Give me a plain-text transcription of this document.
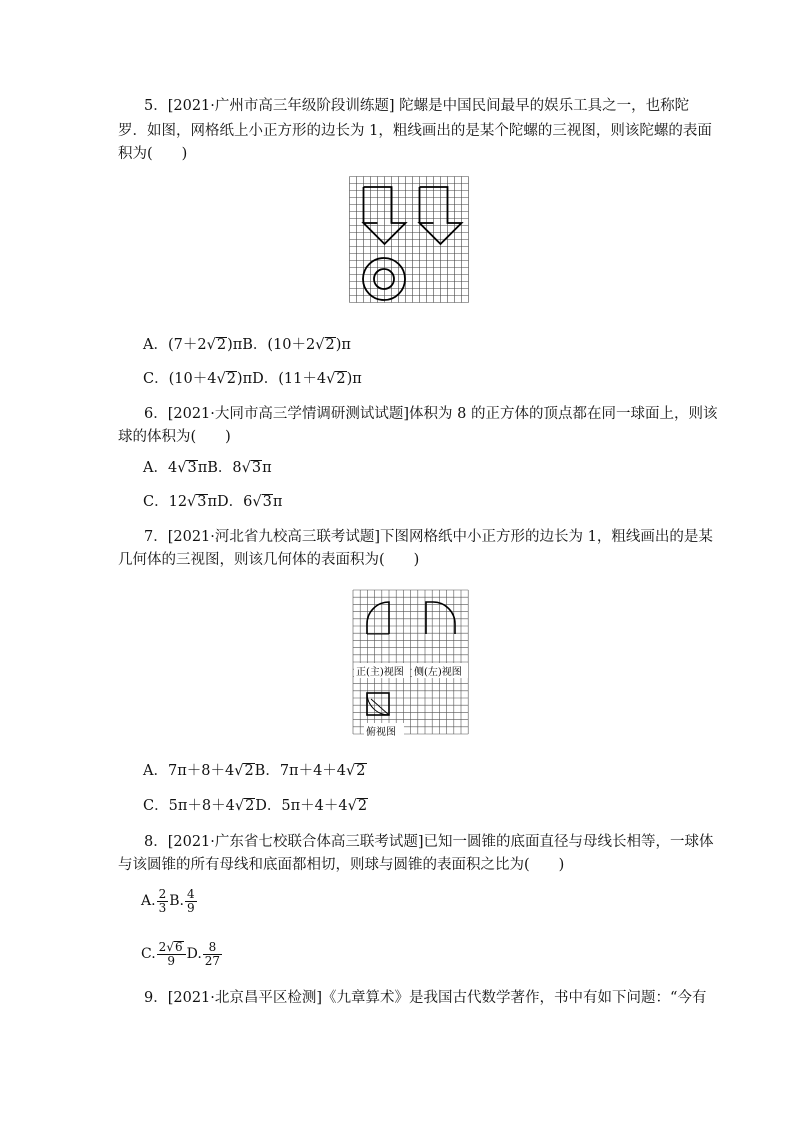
5．[2021·广州市高三年级阶段训练题] 陀螺是中国民间最早的娱乐工具之一，也称陀
罗．如图，网格纸上小正方形的边长为 1，粗线画出的是某个陀螺的三视图，则该陀螺的表面
积为(　　)
A．(7＋2√2)πB．(10＋2√2)π
C．(10＋4√2)πD．(11＋4√2)π
6．[2021·大同市高三学情调研测试试题]体积为 8 的正方体的顶点都在同一球面上，则该
球的体积为(　　)
A．4√3πB．8√3π
C．12√3πD．6√3π
7．[2021·河北省九校高三联考试题]下图网格纸中小正方形的边长为 1，粗线画出的是某
几何体的三视图，则该几何体的表面积为(　　)
正(主)视图 侧(左)视图
俯视图
A．7π＋8＋4√2B．7π＋4＋4√2
C．5π＋8＋4√2D．5π＋4＋4√2
8．[2021·广东省七校联合体高三联考试题]已知一圆锥的底面直径与母线长相等，一球体
与该圆锥的所有母线和底面都相切，则球与圆锥的表面积之比为(　　)
A. $\frac{2}{3} B$. $\frac{4}{9}$
C. $\frac{2√6}{9} D$. $\frac{8}{27}$
9．[2021·北京昌平区检测]《九章算术》是我国古代数学著作，书中有如下问题：“今有
